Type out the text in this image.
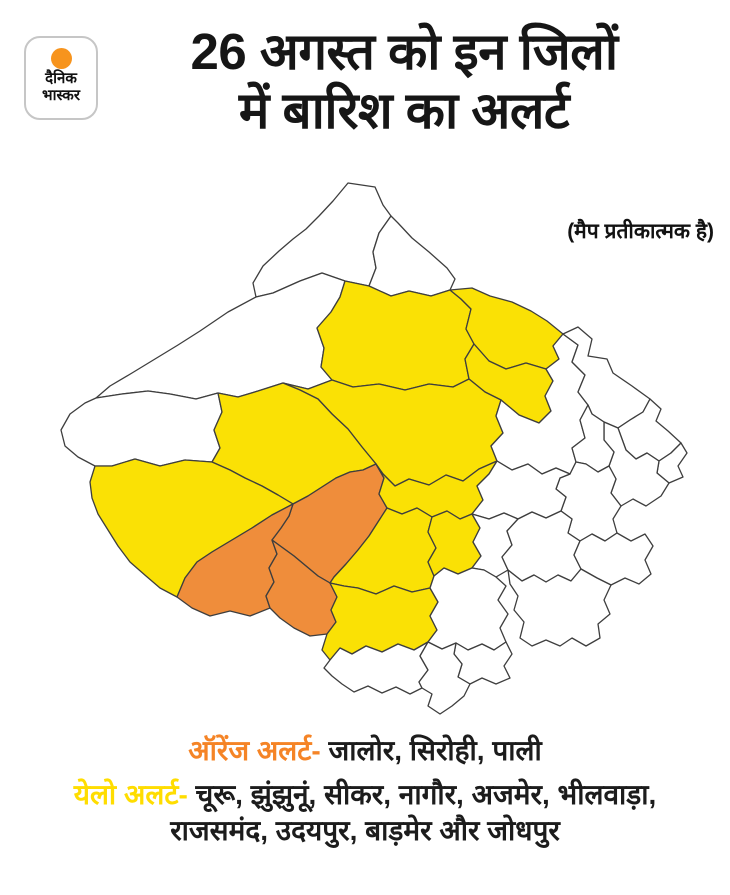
दैनिक
भास्कर
26 अगस्त को इन जिलों
में बारिश का अलर्ट
(मैप प्रतीकात्मक है)

ऑरेंज अलर्ट- जालोर, सिरोही, पाली

येलो अलर्ट- चूरू, झुंझुनूं, सीकर, नागौर, अजमेर, भीलवाड़ा, राजसमंद, उदयपुर, बाड़मेर और जोधपुर
